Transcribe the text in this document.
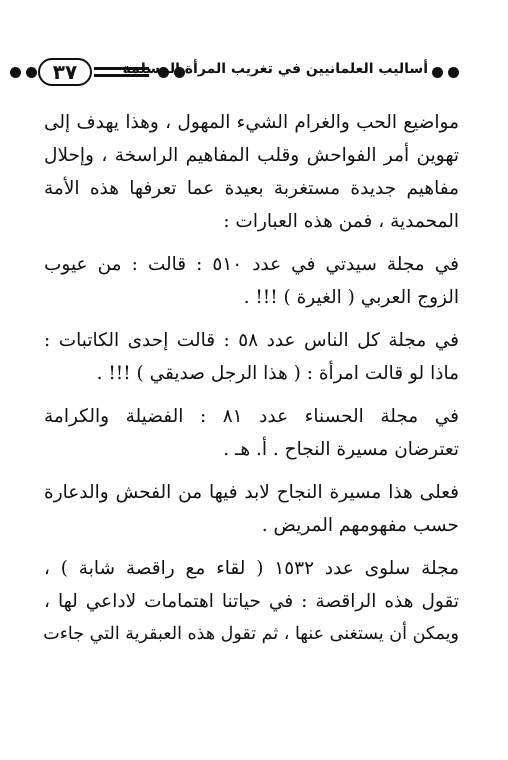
٣٧	أساليب العلمانيين في تغريب المرأة المسلمة
مواضيع الحب والغرام الشيء المهول ، وهذا يهدف إلى
تهوين أمر الفواحش وقلب المفاهيم الراسخة ، وإحلال
مفاهيم جديدة مستغربة بعيدة عما تعرفها هذه الأمة
المحمدية ، فمن هذه العبارات :
في مجلة سيدتي في عدد ٥١٠ : قالت : من عيوب
الزوج العربي ( الغيرة ) !!! .
في مجلة كل الناس عدد ٥٨ : قالت إحدى الكاتبات :
ماذا لو قالت امرأة : ( هذا الرجل صديقي ) !!! .
في مجلة الحسناء عدد ٨١ : الفضيلة والكرامة
تعترضان مسيرة النجاح . أ. هـ .
فعلى هذا مسيرة النجاح لابد فيها من الفحش والدعارة
حسب مفهومهم المريض .
مجلة سلوى عدد ١٥٣٢ ( لقاء مع راقصة شابة ) ،
تقول هذه الراقصة : في حياتنا اهتمامات لاداعي لها ،
ويمكن أن يستغنى عنها ، ثم تقول هذه العبقرية التي جاءت
